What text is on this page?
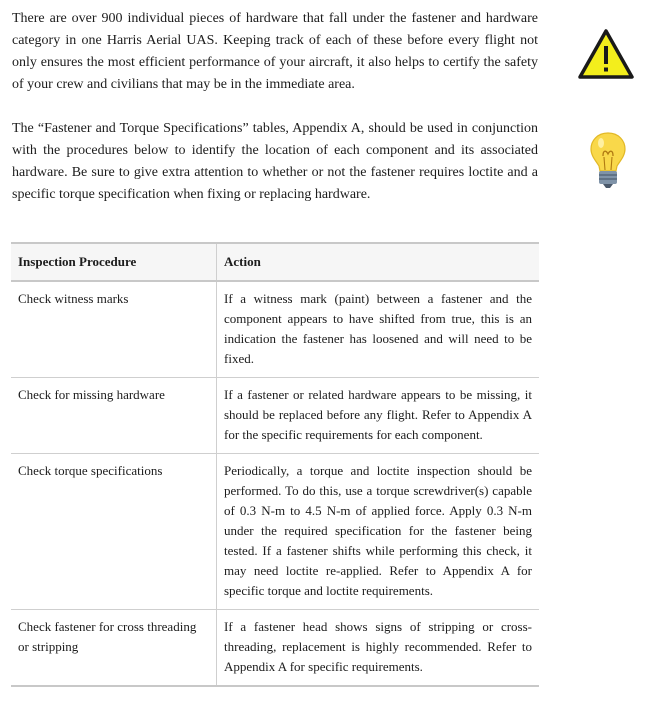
There are over 900 individual pieces of hardware that fall under the fastener and hardware category in one Harris Aerial UAS. Keeping track of each of these before every flight not only ensures the most efficient performance of your aircraft, it also helps to certify the safety of your crew and civilians that may be in the immediate area.

The “Fastener and Torque Specifications” tables, Appendix A, should be used in conjunction with the procedures below to identify the location of each component and its associated hardware. Be sure to give extra attention to whether or not the fastener requires loctite and a specific torque specification when fixing or replacing hardware.

Inspection Procedure	Action
Check witness marks	If a witness mark (paint) between a fastener and the component appears to have shifted from true, this is an indication the fastener has loosened and will need to be fixed.
Check for missing hardware	If a fastener or related hardware appears to be missing, it should be replaced before any flight. Refer to Appendix A for the specific requirements for each component.
Check torque specifications	Periodically, a torque and loctite inspection should be performed. To do this, use a torque screwdriver(s) capable of 0.3 N-m to 4.5 N-m of applied force. Apply 0.3 N-m under the required specification for the fastener being tested. If a fastener shifts while performing this check, it may need loctite re-applied. Refer to Appendix A for specific torque and loctite requirements.
Check fastener for cross threading or stripping	If a fastener head shows signs of stripping or cross-threading, replacement is highly recommended. Refer to Appendix A for specific requirements.
